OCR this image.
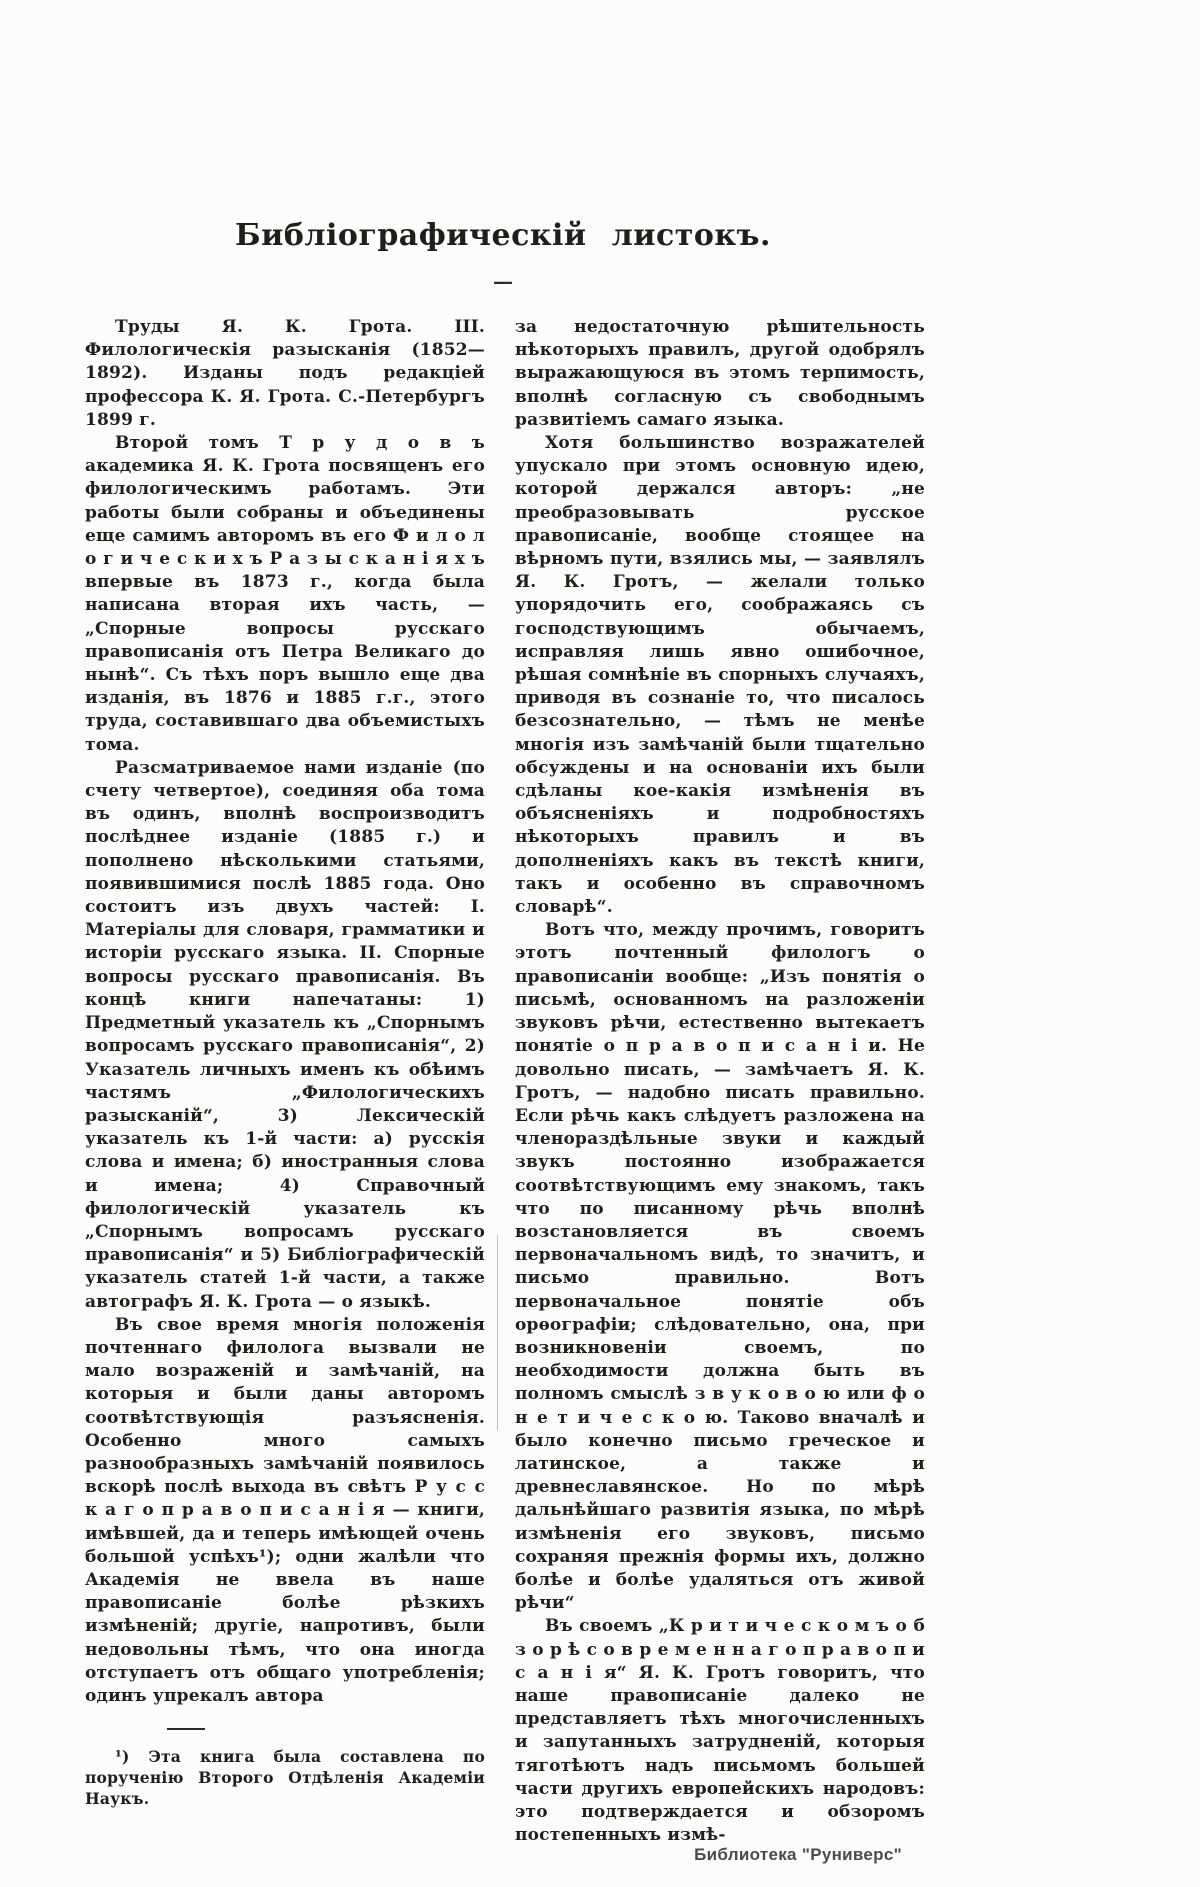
Библіографическій листокъ.
—

Труды Я. К. Грота. III. Филологическія разысканія (1852—1892). Изданы подъ редакціей профессора К. Я. Грота. С.-Петербургъ 1899 г.

Второй томъ Т р у д о в ъ академика Я. К. Грота посвященъ его филологическимъ работамъ. Эти работы были собраны и объединены еще самимъ авторомъ въ его Ф и л о л о г и ч е с к и х ъ Р а з ы с к а н і я х ъ впервые въ 1873 г., когда была написана вторая ихъ часть, — „Спорные вопросы русскаго правописанія отъ Петра Великаго до нынѣ“. Съ тѣхъ поръ вышло еще два изданія, въ 1876 и 1885 г.г., этого труда, составившаго два объемистыхъ тома.

Разсматриваемое нами изданіе (по счету четвертое), соединяя оба тома въ одинъ, вполнѣ воспроизводитъ послѣднее изданіе (1885 г.) и пополнено нѣсколькими статьями, появившимися послѣ 1885 года. Оно состоитъ изъ двухъ частей: I. Матеріалы для словаря, грамматики и исторіи русскаго языка. II. Спорные вопросы русскаго правописанія. Въ концѣ книги напечатаны: 1) Предметный указатель къ „Спорнымъ вопросамъ русскаго правописанія“, 2) Указатель личныхъ именъ къ обѣимъ частямъ „Филологическихъ разысканій“, 3) Лексическій указатель къ 1-й части: а) русскія слова и имена; б) иностранныя слова и имена; 4) Справочный филологическій указатель къ „Спорнымъ вопросамъ русскаго правописанія“ и 5) Библіографическій указатель статей 1-й части, а также автографъ Я. К. Грота — о языкѣ.

Въ свое время многія положенія почтеннаго филолога вызвали не мало возраженій и замѣчаній, на которыя и были даны авторомъ соотвѣтствующія разъясненія. Особенно много самыхъ разнообразныхъ замѣчаній появилось вскорѣ послѣ выхода въ свѣтъ Р у с с к а г о п р а в о п и с а н і я — книги, имѣвшей, да и теперь имѣющей очень большой успѣхъ¹); одни жалѣли что Академія не ввела въ наше правописаніе болѣе рѣзкихъ измѣненій; другіе, напротивъ, были недовольны тѣмъ, что она иногда отступаетъ отъ общаго употребленія; одинъ упрекалъ автора

¹) Эта книга была составлена по порученію Второго Отдѣленія Академіи Наукъ.

за недостаточную рѣшительность нѣкоторыхъ правилъ, другой одобрялъ выражающуюся въ этомъ терпимость, вполнѣ согласную съ свободнымъ развитіемъ самаго языка.

Хотя большинство возражателей упускало при этомъ основную идею, которой держался авторъ: „не преобразовывать русское правописаніе, вообще стоящее на вѣрномъ пути, взялись мы, — заявлялъ Я. К. Гротъ, — желали только упорядочить его, соображаясь съ господствующимъ обычаемъ, исправляя лишь явно ошибочное, рѣшая сомнѣніе въ спорныхъ случаяхъ, приводя въ сознаніе то, что писалось безсознательно, — тѣмъ не менѣе многія изъ замѣчаній были тщательно обсуждены и на основаніи ихъ были сдѣланы кое-какія измѣненія въ объясненіяхъ и подробностяхъ нѣкоторыхъ правилъ и въ дополненіяхъ какъ въ текстѣ книги, такъ и особенно въ справочномъ словарѣ“.

Вотъ что, между прочимъ, говоритъ этотъ почтенный филологъ о правописаніи вообще: „Изъ понятія о письмѣ, основанномъ на разложеніи звуковъ рѣчи, естественно вытекаетъ понятіе о п р а в о п и с а н і и. Не довольно писать, — замѣчаетъ Я. К. Гротъ, — надобно писать правильно. Если рѣчь какъ слѣдуетъ разложена на членораздѣльные звуки и каждый звукъ постоянно изображается соотвѣтствующимъ ему знакомъ, такъ что по писанному рѣчь вполнѣ возстановляется въ своемъ первоначальномъ видѣ, то значитъ, и письмо правильно. Вотъ первоначальное понятіе объ орѳографіи; слѣдовательно, она, при возникновеніи своемъ, по необходимости должна быть въ полномъ смыслѣ з в у к о в о ю или ф о н е т и ч е с к о ю. Таково вначалѣ и было конечно письмо греческое и латинское, а также и древнеславянское. Но по мѣрѣ дальнѣйшаго развитія языка, по мѣрѣ измѣненія его звуковъ, письмо сохраняя прежнія формы ихъ, должно болѣе и болѣе удаляться отъ живой рѣчи“

Въ своемъ „К р и т и ч е с к о м ъ о б з о р ѣ с о в р е м е н н а г о п р а в о п и с а н і я“ Я. К. Гротъ говоритъ, что наше правописаніе далеко не представляетъ тѣхъ многочисленныхъ и запутанныхъ затрудненій, которыя тяготѣютъ надъ письмомъ большей части другихъ европейскихъ народовъ: это подтверждается и обзоромъ постепенныхъ измѣ-

Библиотека "Руниверс"
